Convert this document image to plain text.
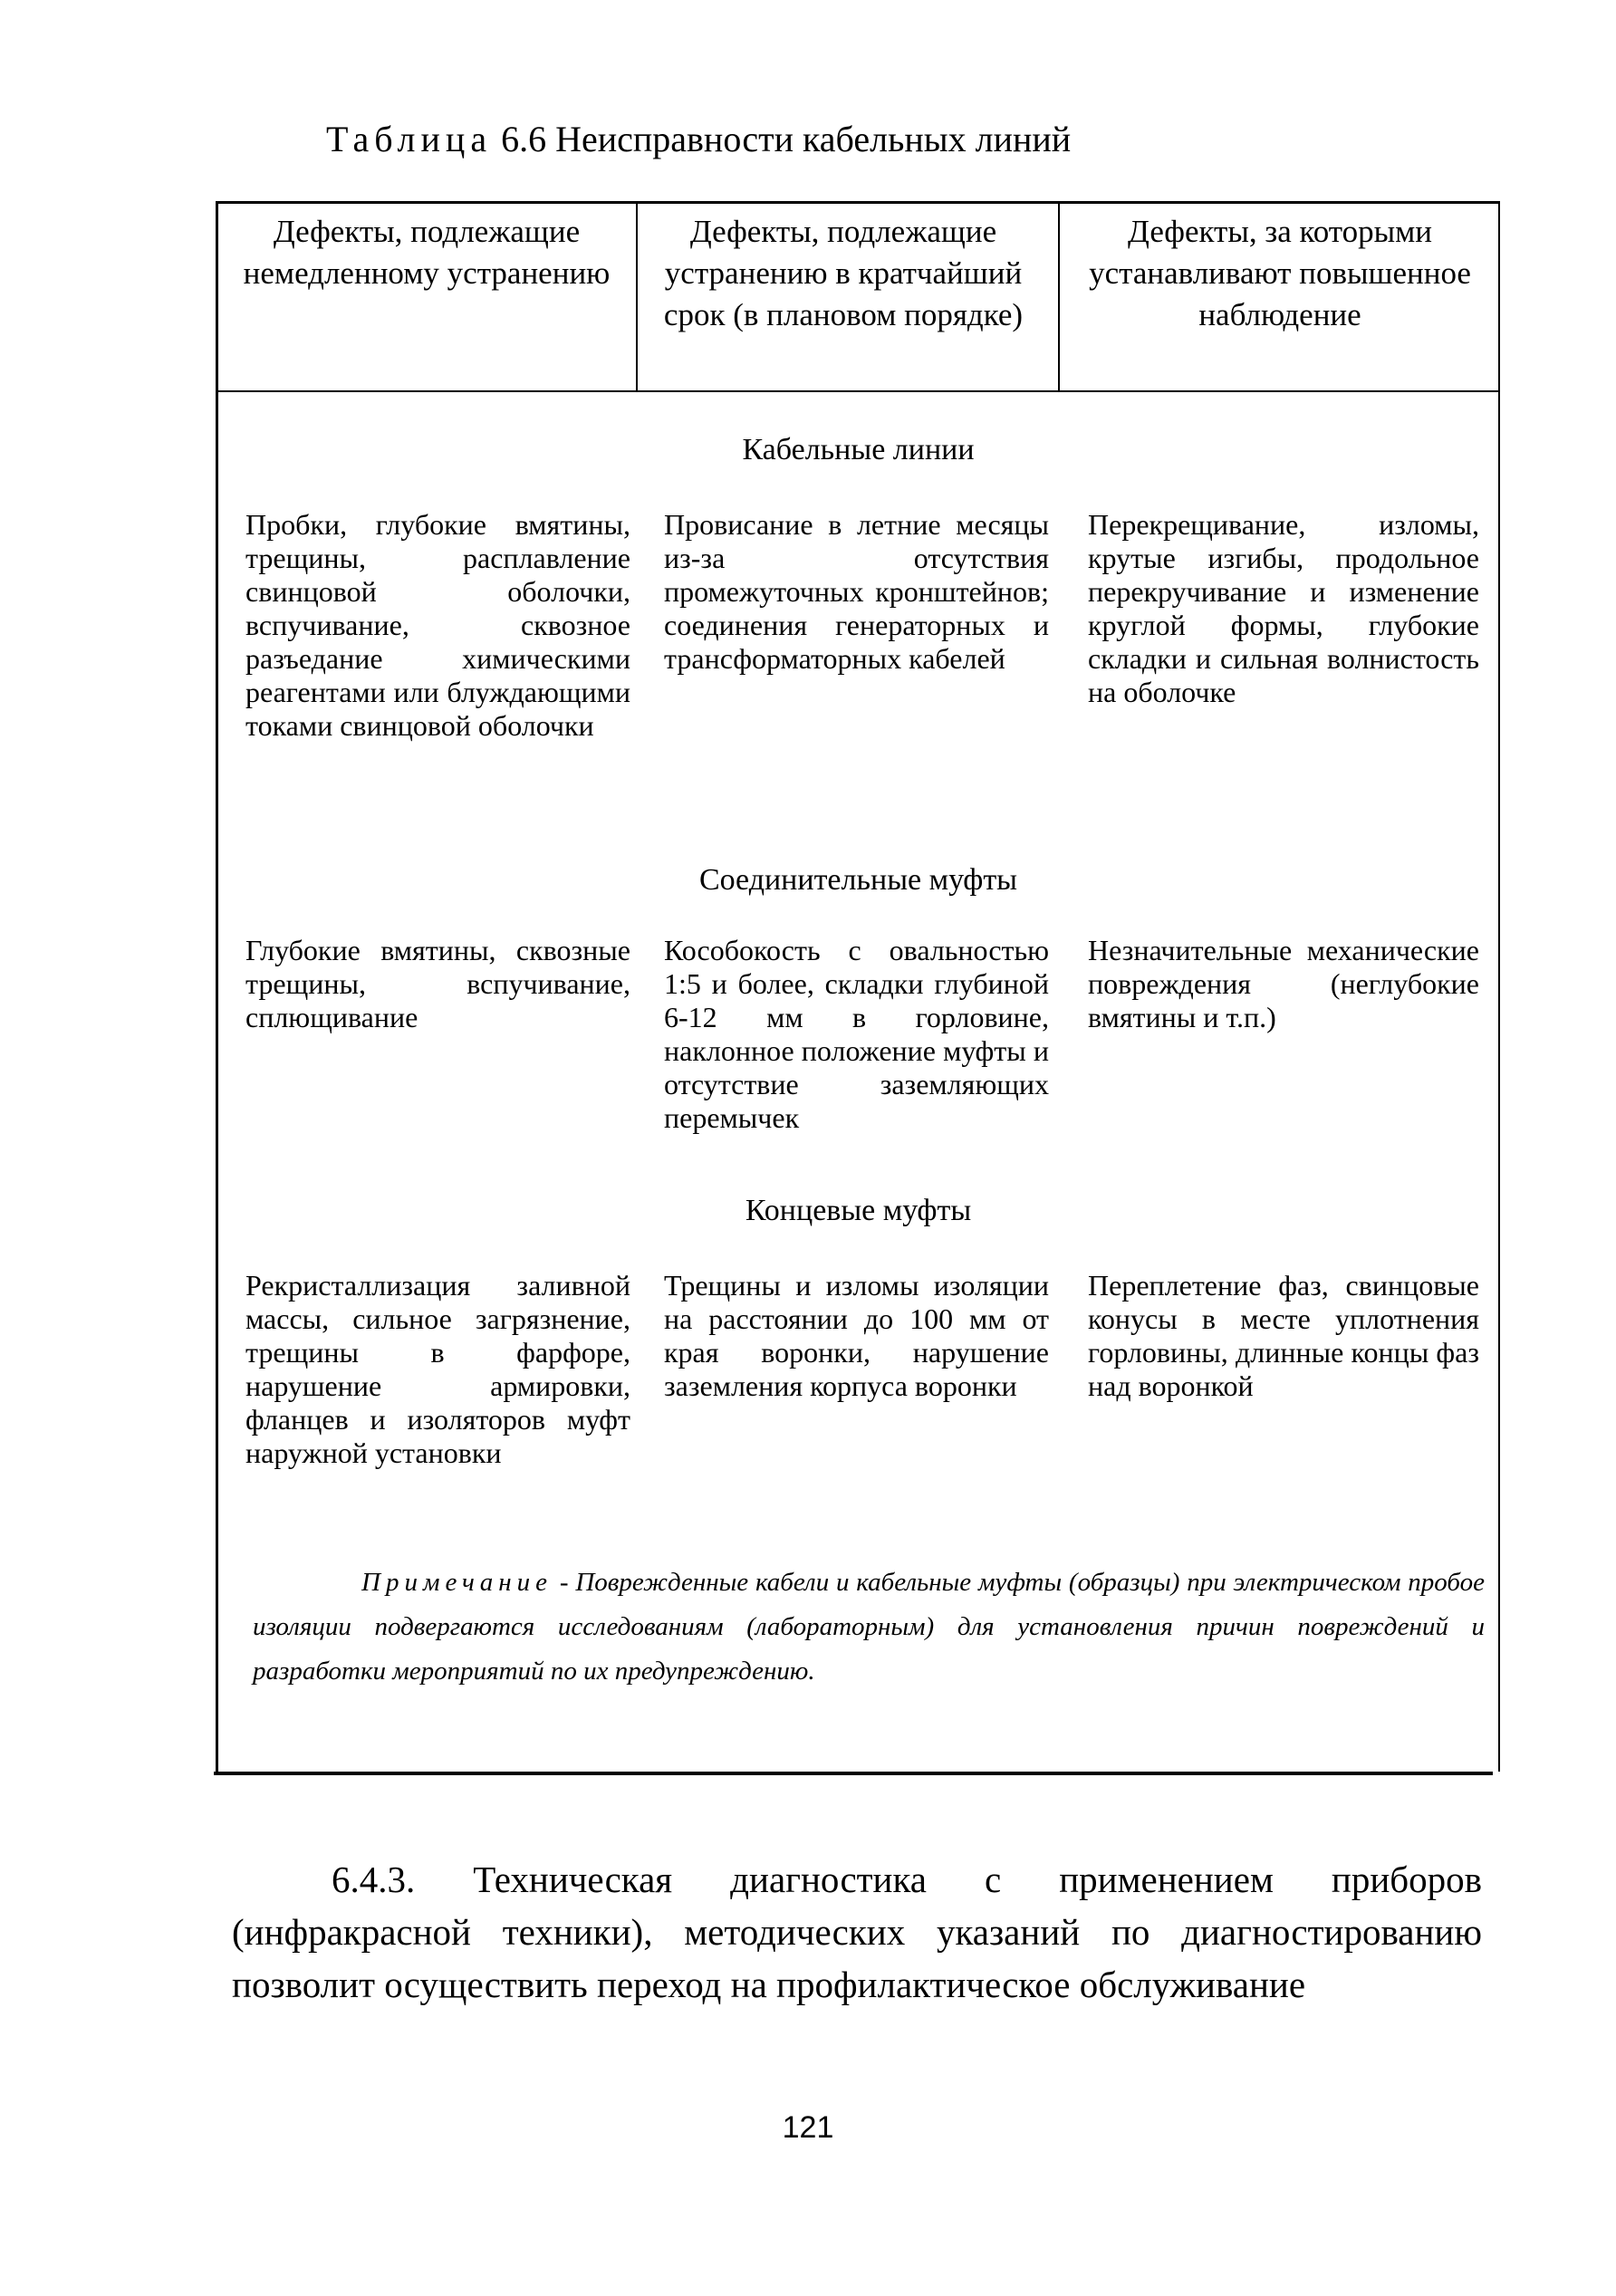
Таблица 6.6 Неисправности кабельных линий
Дефекты, подлежащие немедленному устранению
Дефекты, подлежащие устранению в кратчайший срок (в плановом порядке)
Дефекты, за которыми устанавливают повышенное наблюдение
Кабельные линии
Пробки, глубокие вмятины, трещины, расплавление свинцовой оболочки, вспучивание, сквозное разъедание химическими реагентами или блуждающими токами свинцовой оболочки
Провисание в летние месяцы из-за отсутствия промежуточных кронштейнов; соединения генераторных и трансформаторных кабелей
Перекрещивание, изломы, крутые изгибы, продольное перекручивание и изменение круглой формы, глубокие складки и сильная волнистость на оболочке
Соединительные муфты
Глубокие вмятины, сквозные трещины, вспучивание, сплющивание
Кособокость с овальностью 1:5 и более, складки глубиной 6-12 мм в горловине, наклонное положение муфты и отсутствие заземляющих перемычек
Незначительные механические повреждения (неглубокие вмятины и т.п.)
Концевые муфты
Рекристаллизация заливной массы, сильное загрязнение, трещины в фарфоре, нарушение армировки, фланцев и изоляторов муфт наружной установки
Трещины и изломы изоляции на расстоянии до 100 мм от края воронки, нарушение заземления корпуса воронки
Переплетение фаз, свинцовые конусы в месте уплотнения горловины, длинные концы фаз над воронкой
Примечание - Поврежденные кабели и кабельные муфты (образцы) при электрическом пробое изоляции подвергаются исследованиям (лабораторным) для установления причин повреждений и разработки мероприятий по их предупреждению.
6.4.3. Техническая диагностика с применением приборов (инфракрасной техники), методических указаний по диагностированию позволит осуществить переход на профилактическое обслуживание
121
